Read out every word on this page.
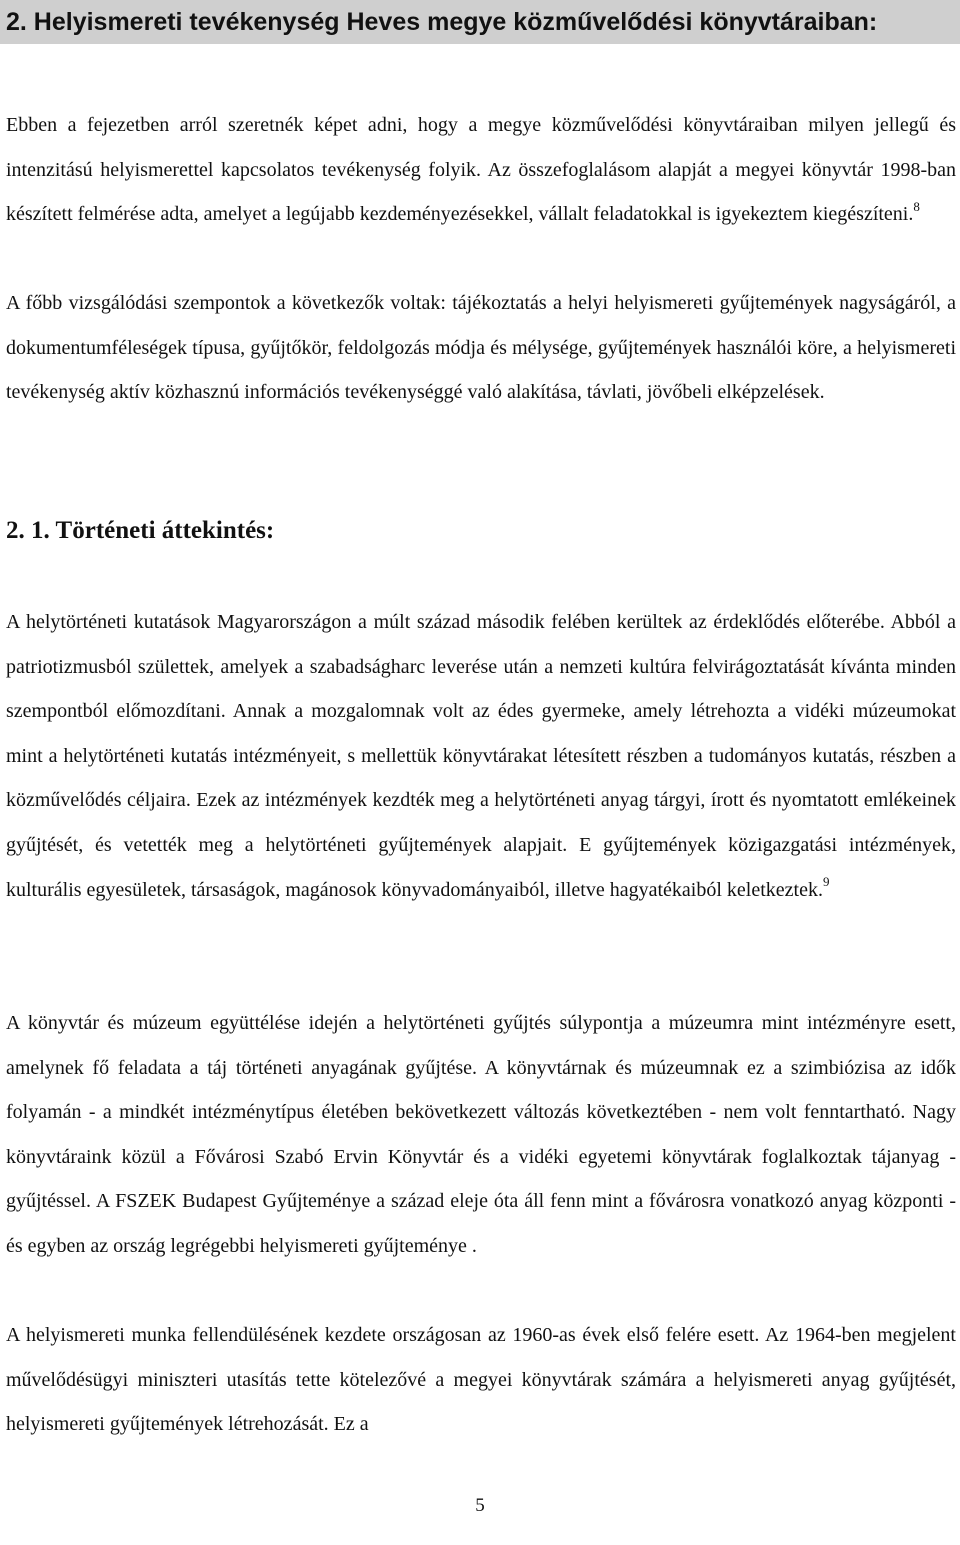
2. Helyismereti tevékenység Heves megye közművelődési könyvtáraiban:

Ebben a fejezetben arról szeretnék képet adni, hogy a megye közművelődési könyvtáraiban milyen jellegű és intenzitású helyismerettel kapcsolatos tevékenység folyik. Az összefoglalásom alapját a megyei könyvtár 1998-ban készített felmérése adta, amelyet a legújabb kezdeményezésekkel, vállalt feladatokkal is igyekeztem kiegészíteni.$^8$

A főbb vizsgálódási szempontok a következők voltak: tájékoztatás a helyi helyismereti gyűjtemények nagyságáról, a dokumentumféleségek típusa, gyűjtőkör, feldolgozás módja és mélysége, gyűjtemények használói köre, a helyismereti tevékenység aktív közhasznú információs tevékenységgé való alakítása, távlati, jövőbeli elképzelések.

2. 1. Történeti áttekintés:

A helytörténeti kutatások Magyarországon a múlt század második felében kerültek az érdeklődés előterébe. Abból a patriotizmusból születtek, amelyek a szabadságharc leverése után a nemzeti kultúra felvirágoztatását kívánta minden szempontból előmozdítani. Annak a mozgalomnak volt az édes gyermeke, amely létrehozta a vidéki múzeumokat mint a helytörténeti kutatás intézményeit, s mellettük könyvtárakat létesített részben a tudományos kutatás, részben a közművelődés céljaira. Ezek az intézmények kezdték meg a helytörténeti anyag tárgyi, írott és nyomtatott emlékeinek gyűjtését, és vetették meg a helytörténeti gyűjtemények alapjait. E gyűjtemények közigazgatási intézmények, kulturális egyesületek, társaságok, magánosok könyvadományaiból, illetve hagyatékaiból keletkeztek.$^9$

A könyvtár és múzeum együttélése idején a helytörténeti gyűjtés súlypontja a múzeumra mint intézményre esett, amelynek fő feladata a táj történeti anyagának gyűjtése. A könyvtárnak és múzeumnak ez a szimbiózisa az idők folyamán - a mindkét intézménytípus életében bekövetkezett változás következtében - nem volt fenntartható. Nagy könyvtáraink közül a Fővárosi Szabó Ervin Könyvtár és a vidéki egyetemi könyvtárak foglalkoztak tájanyag - gyűjtéssel. A FSZEK Budapest Gyűjteménye a század eleje óta áll fenn mint a fővárosra vonatkozó anyag központi - és egyben az ország legrégebbi helyismereti gyűjteménye .

A helyismereti munka fellendülésének kezdete országosan az 1960-as évek első felére esett. Az 1964-ben megjelent művelődésügyi miniszteri utasítás tette kötelezővé a megyei könyvtárak számára a helyismereti anyag gyűjtését, helyismereti gyűjtemények létrehozását. Ez a

5
